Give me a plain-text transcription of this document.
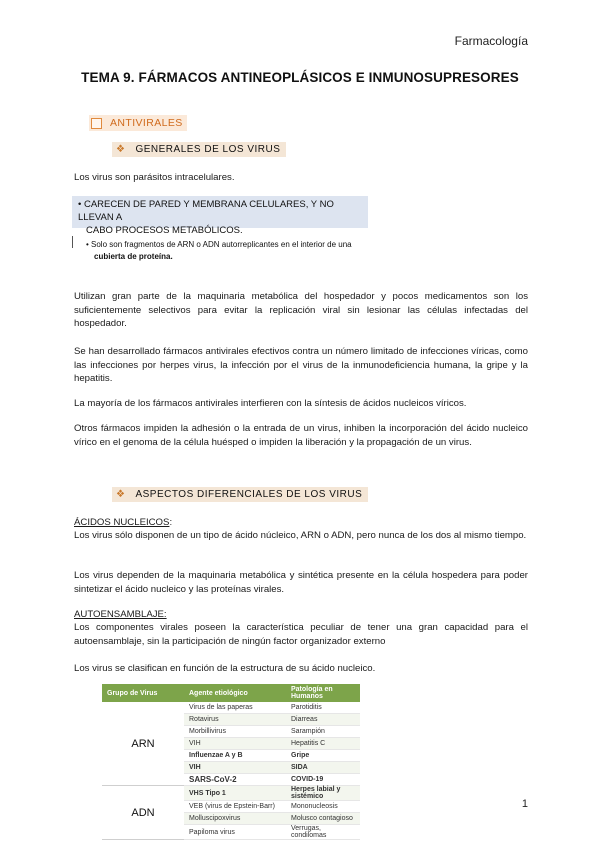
Farmacología
TEMA 9. FÁRMACOS ANTINEOPLÁSICOS E INMUNOSUPRESORES
ANTIVIRALES
❖ GENERALES DE LOS VIRUS
Los virus son parásitos intracelulares.
• CARECEN DE PARED Y MEMBRANA CELULARES, Y NO LLEVAN A
CABO PROCESOS METABÓLICOS.
• Solo son fragmentos de ARN o ADN autorreplicantes en el interior de una
cubierta de proteína.
Utilizan gran parte de la maquinaria metabólica del hospedador y pocos medicamentos son los suficientemente selectivos para evitar la replicación viral sin lesionar las células infectadas del hospedador.
Se han desarrollado fármacos antivirales efectivos contra un número limitado de infecciones víricas, como las infecciones por herpes virus, la infección por el virus de la inmunodeficiencia humana, la gripe y la hepatitis.
La mayoría de los fármacos antivirales interfieren con la síntesis de ácidos nucleicos víricos.
Otros fármacos impiden la adhesión o la entrada de un virus, inhiben la incorporación del ácido nucleico vírico en el genoma de la célula huésped o impiden la liberación y la propagación de un virus.
❖ ASPECTOS DIFERENCIALES DE LOS VIRUS
ÁCIDOS NUCLEICOS:
Los virus sólo disponen de un tipo de ácido núcleico, ARN o ADN, pero nunca de los dos al mismo tiempo.
Los virus dependen de la maquinaria metabólica y sintética presente en la célula hospedera para poder sintetizar el ácido nucleico y las proteínas virales.
AUTOENSAMBLAJE:
Los componentes virales poseen la característica peculiar de tener una gran capacidad para el autoensamblaje, sin la participación de ningún factor organizador externo
Los virus se clasifican en función de la estructura de su ácido nucleico.
Grupo de Virus	Agente etiológico	Patología en Humanos
ARN	Virus de las paperas	Parotiditis
	Rotavirus	Diarreas
	Morbillivirus	Sarampión
	VIH	Hepatitis C
	Influenzae A y B	Gripe
	VIH	SIDA
	SARS-CoV-2	COVID-19
ADN	VHS Tipo 1	Herpes labial y sistémico
	VEB (virus de Epstein-Barr)	Mononucleosis
	Molluscipoxvirus	Molusco contagioso
	Papiloma virus	Verrugas, condilomas
1
